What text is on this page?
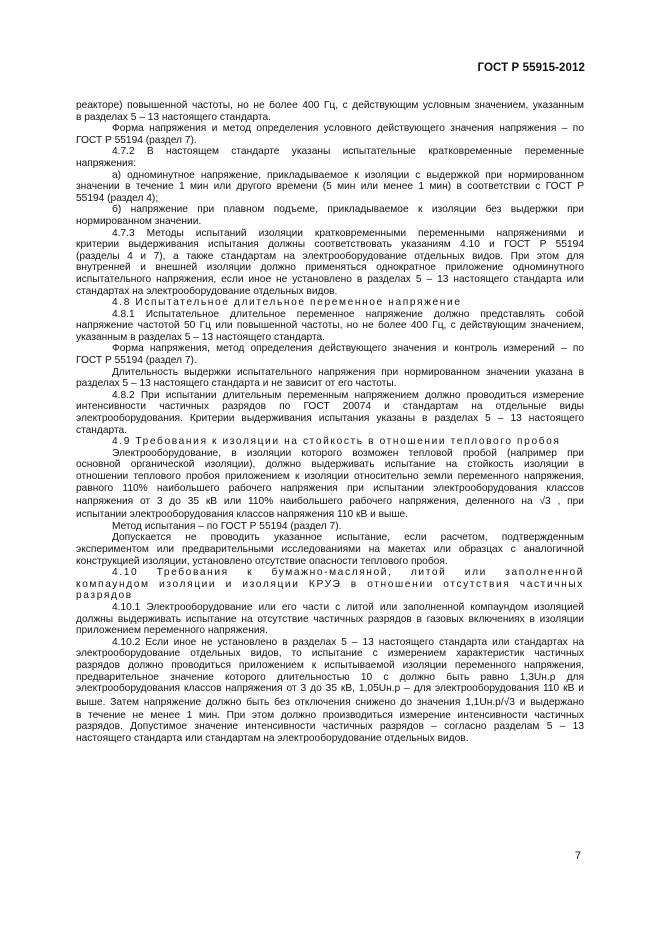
ГОСТ Р 55915-2012
реакторе) повышенной частоты, но не более 400 Гц, с действующим условным значением, указанным
в разделах 5 – 13 настоящего стандарта.
Форма напряжения и метод определения условного действующего значения напряжения – по
ГОСТ Р 55194 (раздел 7).
4.7.2 В настоящем стандарте указаны испытательные кратковременные переменные
напряжения:
а) одноминутное напряжение, прикладываемое к изоляции с выдержкой при нормированном
значении в течение 1 мин или другого времени (5 мин или менее 1 мин) в соответствии с ГОСТ Р
55194 (раздел 4);
б) напряжение при плавном подъеме, прикладываемое к изоляции без выдержки при
нормированном значении.
4.7.3 Методы испытаний изоляции кратковременными переменными напряжениями и
критерии выдерживания испытания должны соответствовать указаниям 4.10 и ГОСТ Р 55194
(разделы 4 и 7), а также стандартам на электрооборудование отдельных видов. При этом для
внутренней и внешней изоляции должно применяться однократное приложение одноминутного
испытательного напряжения, если иное не установлено в разделах 5 – 13 настоящего стандарта или
стандартах на электрооборудование отдельных видов.
4.8 Испытательное длительное переменное напряжение
4.8.1 Испытательное длительное переменное напряжение должно представлять собой
напряжение частотой 50 Гц или повышенной частоты, но не более 400 Гц, с действующим значением,
указанным в разделах 5 – 13 настоящего стандарта.
Форма напряжения, метод определения действующего значения и контроль измерений – по
ГОСТ Р 55194 (раздел 7).
Длительность выдержки испытательного напряжения при нормированном значении указана в
разделах 5 – 13 настоящего стандарта и не зависит от его частоты.
4.8.2 При испытании длительным переменным напряжением должно проводиться измерение
интенсивности частичных разрядов по ГОСТ 20074 и стандартам на отдельные виды
электрооборудования. Критерии выдерживания испытания указаны в разделах 5 – 13 настоящего
стандарта.
4.9 Требования к изоляции на стойкость в отношении теплового пробоя
Электрооборудование, в изоляции которого возможен тепловой пробой (например при
основной органической изоляции), должно выдерживать испытание на стойкость изоляции в
отношении теплового пробоя приложением к изоляции относительно земли переменного напряжения,
равного 110% наибольшего рабочего напряжения при испытании электрооборудования классов
напряжения от 3 до 35 кВ или 110% наибольшего рабочего напряжения, деленного на √3 , при
испытании электрооборудования классов напряжения 110 кВ и выше.
Метод испытания – по ГОСТ Р 55194 (раздел 7).
Допускается не проводить указанное испытание, если расчетом, подтвержденным
экспериментом или предварительными исследованиями на макетах или образцах с аналогичной
конструкцией изоляции, установлено отсутствие опасности теплового пробоя.
4.10 Требования к бумажно-масляной, литой или заполненной
компаундом изоляции и изоляции КРУЭ в отношении отсутствия частичных
разрядов
4.10.1 Электрооборудование или его части с литой или заполненной компаундом изоляцией
должны выдерживать испытание на отсутствие частичных разрядов в газовых включениях в изоляции
приложением переменного напряжения.
4.10.2 Если иное не установлено в разделах 5 – 13 настоящего стандарта или стандартах на
электрооборудование отдельных видов, то испытание с измерением характеристик частичных
разрядов должно проводиться приложением к испытываемой изоляции переменного напряжения,
предварительное значение которого длительностью 10 с должно быть равно 1,3Uн.р для
электрооборудования классов напряжения от 3 до 35 кВ, 1,05Uн.р – для электрооборудования 110 кВ и
выше. Затем напряжение должно быть без отключения снижено до значения 1,1Uн.р/√3 и выдержано
в течение не менее 1 мин. При этом должно производиться измерение интенсивности частичных
разрядов. Допустимое значение интенсивности частичных разрядов – согласно разделам 5 – 13
настоящего стандарта или стандартам на электрооборудование отдельных видов.
7
